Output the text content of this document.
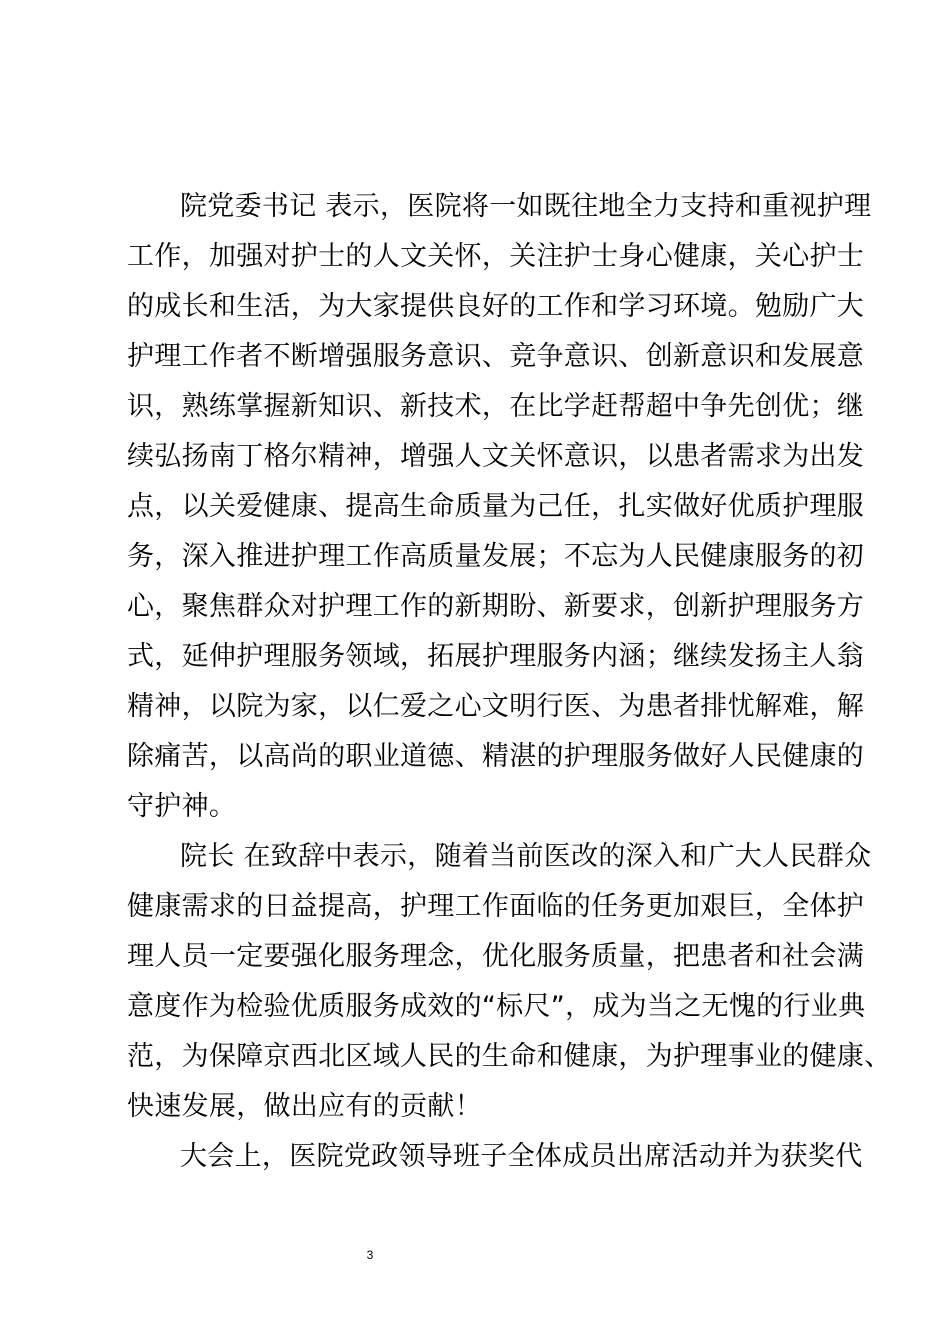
院党委书记 表示，医院将一如既往地全力支持和重视护理
工作，加强对护士的人文关怀，关注护士身心健康，关心护士
的成长和生活，为大家提供良好的工作和学习环境。勉励广大
护理工作者不断增强服务意识、竞争意识、创新意识和发展意
识，熟练掌握新知识、新技术，在比学赶帮超中争先创优；继
续弘扬南丁格尔精神，增强人文关怀意识，以患者需求为出发
点，以关爱健康、提高生命质量为己任，扎实做好优质护理服
务，深入推进护理工作高质量发展；不忘为人民健康服务的初
心，聚焦群众对护理工作的新期盼、新要求，创新护理服务方
式，延伸护理服务领域，拓展护理服务内涵；继续发扬主人翁
精神，以院为家，以仁爱之心文明行医、为患者排忧解难，解
除痛苦，以高尚的职业道德、精湛的护理服务做好人民健康的
守护神。
院长 在致辞中表示，随着当前医改的深入和广大人民群众
健康需求的日益提高，护理工作面临的任务更加艰巨，全体护
理人员一定要强化服务理念，优化服务质量，把患者和社会满
意度作为检验优质服务成效的“标尺”，成为当之无愧的行业典
范，为保障京西北区域人民的生命和健康，为护理事业的健康、
快速发展，做出应有的贡献！
大会上，医院党政领导班子全体成员出席活动并为获奖代
3
